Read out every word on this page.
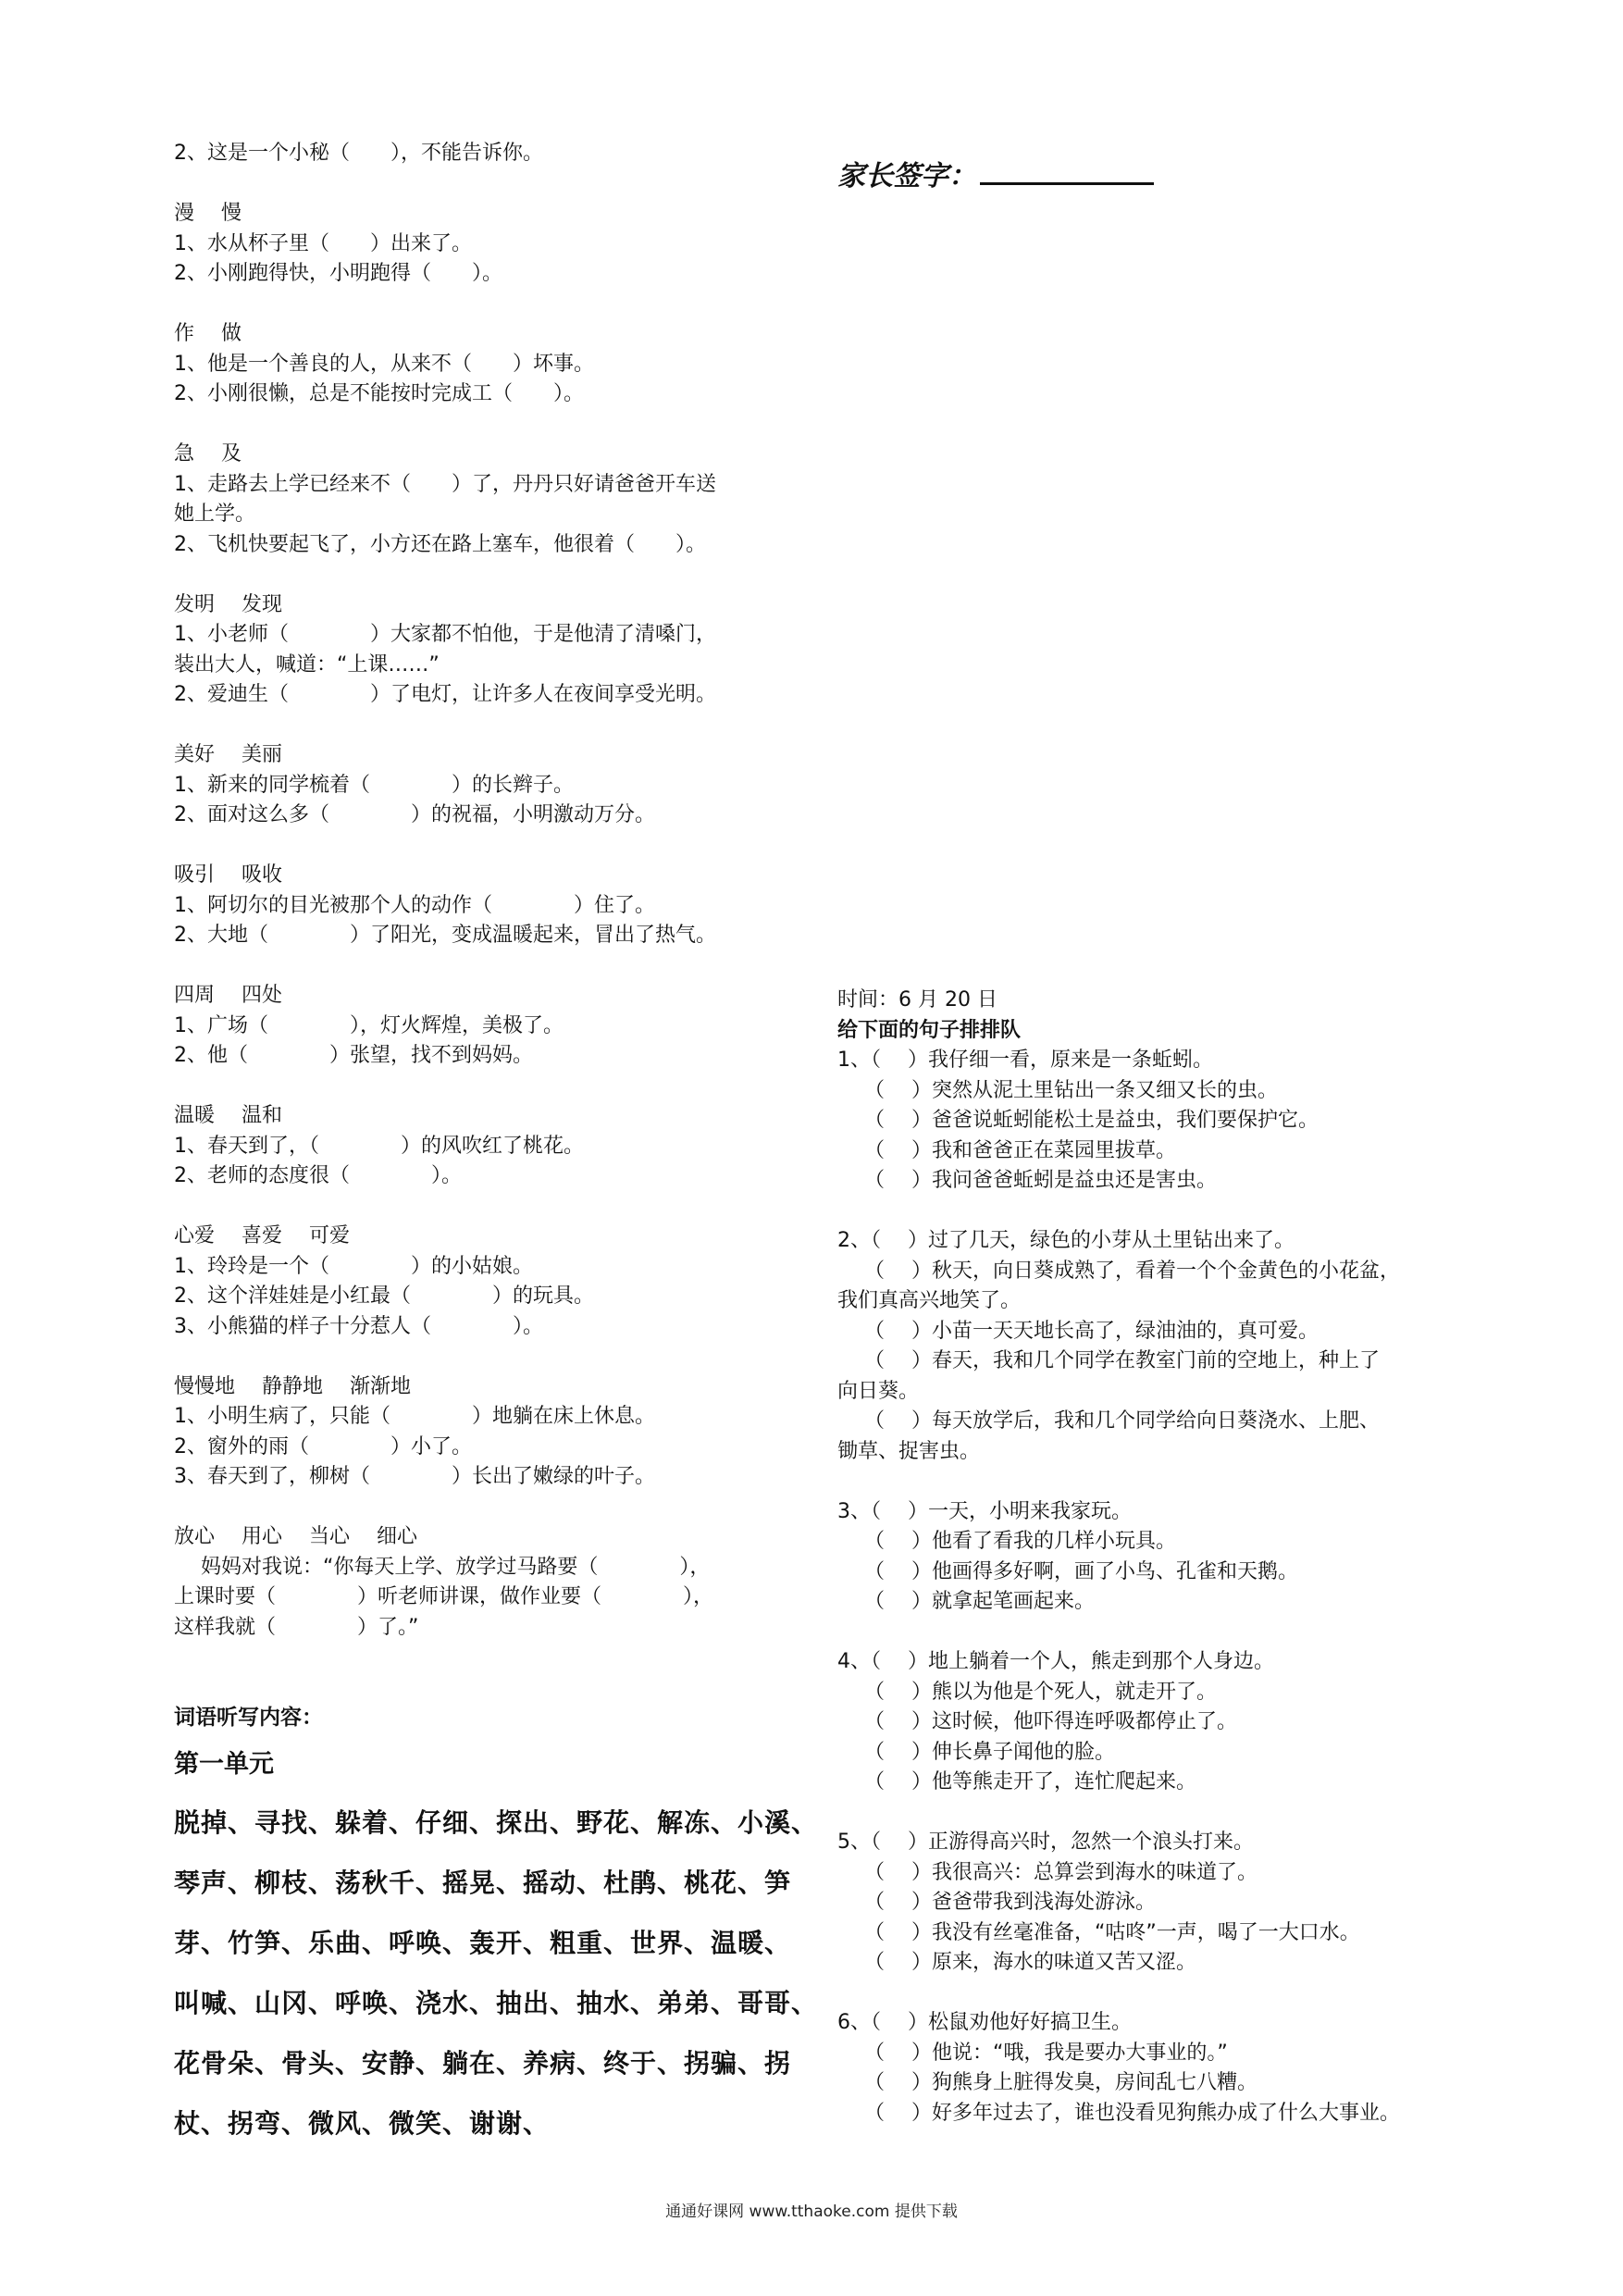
2、这是一个小秘（　　），不能告诉你。

漫　 慢
1、水从杯子里（　　）出来了。
2、小刚跑得快，小明跑得（　　）。

作　 做
1、他是一个善良的人，从来不（　　）坏事。
2、小刚很懒，总是不能按时完成工（　　）。

急　 及
1、走路去上学已经来不（　　）了，丹丹只好请爸爸开车送
她上学。
2、飞机快要起飞了，小方还在路上塞车，他很着（　　）。

发明　 发现
1、小老师（　　　　）大家都不怕他，于是他清了清嗓门，
装出大人，喊道：“上课……”
2、爱迪生（　　　　）了电灯，让许多人在夜间享受光明。

美好　 美丽
1、新来的同学梳着（　　　　）的长辫子。
2、面对这么多（　　　　）的祝福，小明激动万分。

吸引　 吸收
1、阿切尔的目光被那个人的动作（　　　　）住了。
2、大地（　　　　）了阳光，变成温暖起来，冒出了热气。

四周　 四处
1、广场（　　　　），灯火辉煌，美极了。
2、他（　　　　）张望，找不到妈妈。

温暖　 温和
1、春天到了，（　　　　）的风吹红了桃花。
2、老师的态度很（　　　　）。

心爱　 喜爱　 可爱
1、玲玲是一个（　　　　）的小姑娘。
2、这个洋娃娃是小红最（　　　　）的玩具。
3、小熊猫的样子十分惹人（　　　　）。

慢慢地　 静静地　 渐渐地
1、小明生病了，只能（　　　　）地躺在床上休息。
2、窗外的雨（　　　　）小了。
3、春天到了，柳树（　　　　）长出了嫩绿的叶子。

放心　 用心　 当心　 细心
　 妈妈对我说：“你每天上学、放学过马路要（　　　　），
上课时要（　　　　）听老师讲课，做作业要（　　　　），
这样我就（　　　　）了。”
词语听写内容：
第一单元
脱掉、寻找、躲着、仔细、探出、野花、解冻、小溪、
琴声、柳枝、荡秋千、摇晃、摇动、杜鹃、桃花、笋
芽、竹笋、乐曲、呼唤、轰开、粗重、世界、温暖、
叫喊、山冈、呼唤、浇水、抽出、抽水、弟弟、哥哥、
花骨朵、骨头、安静、躺在、养病、终于、拐骗、拐
杖、拐弯、微风、微笑、谢谢、
家长签字：
时间：6 月 20 日
给下面的句子排排队
1、（　 ）我仔细一看，原来是一条蚯蚓。
　 （　 ）突然从泥土里钻出一条又细又长的虫。
　 （　 ）爸爸说蚯蚓能松土是益虫，我们要保护它。
　 （　 ）我和爸爸正在菜园里拔草。
　 （　 ）我问爸爸蚯蚓是益虫还是害虫。

2、（　 ）过了几天，绿色的小芽从土里钻出来了。
　 （　 ）秋天，向日葵成熟了，看着一个个金黄色的小花盆，
我们真高兴地笑了。
　 （　 ）小苗一天天地长高了，绿油油的，真可爱。
　 （　 ）春天，我和几个同学在教室门前的空地上，种上了
向日葵。
　 （　 ）每天放学后，我和几个同学给向日葵浇水、上肥、
锄草、捉害虫。

3、（　 ）一天，小明来我家玩。
　 （　 ）他看了看我的几样小玩具。
　 （　 ）他画得多好啊，画了小鸟、孔雀和天鹅。
　 （　 ）就拿起笔画起来。

4、（　 ）地上躺着一个人，熊走到那个人身边。
　 （　 ）熊以为他是个死人，就走开了。
　 （　 ）这时候，他吓得连呼吸都停止了。
　 （　 ）伸长鼻子闻他的脸。
　 （　 ）他等熊走开了，连忙爬起来。

5、（　 ）正游得高兴时，忽然一个浪头打来。
　 （　 ）我很高兴：总算尝到海水的味道了。
　 （　 ）爸爸带我到浅海处游泳。
　 （　 ）我没有丝毫准备，“咕咚”一声，喝了一大口水。
　 （　 ）原来，海水的味道又苦又涩。

6、（　 ）松鼠劝他好好搞卫生。
　 （　 ）他说：“哦，我是要办大事业的。”
　 （　 ）狗熊身上脏得发臭，房间乱七八糟。
　 （　 ）好多年过去了，谁也没看见狗熊办成了什么大事业。
通通好课网 www.tthaoke.com 提供下载
